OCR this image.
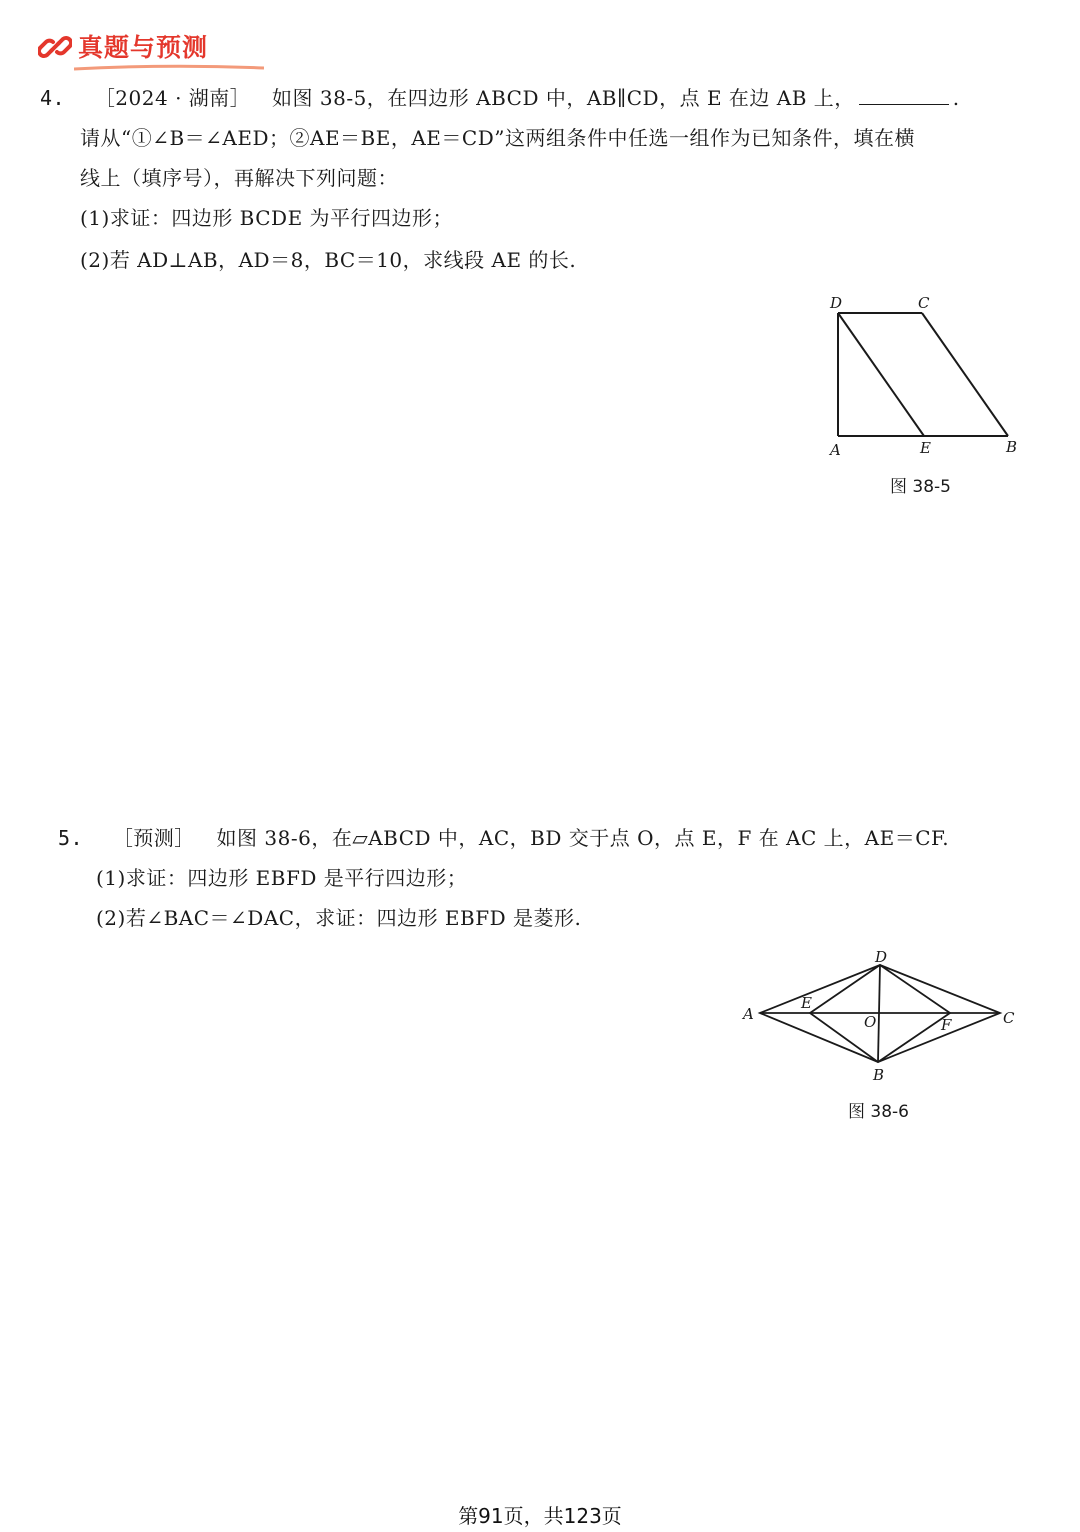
真题与预测
4. ［2024 · 湖南］ 如图 38-5，在四边形 ABCD 中，AB∥CD，点 E 在边 AB 上，	.
请从“①∠B＝∠AED；②AE＝BE，AE＝CD”这两组条件中任选一组作为已知条件，填在横
线上（填序号），再解决下列问题：
(1)求证：四边形 BCDE 为平行四边形；
(2)若 AD⊥AB，AD＝8，BC＝10，求线段 AE 的长.
D	C
A	E	B
图 38-5
5. ［预测］ 如图 38-6，在▱ABCD 中，AC，BD 交于点 O，点 E，F 在 AC 上，AE＝CF.
(1)求证：四边形 EBFD 是平行四边形；
(2)若∠BAC＝∠DAC，求证：四边形 EBFD 是菱形.
D
A
E
O	F	C
B
图 38-6
第91页，共123页
